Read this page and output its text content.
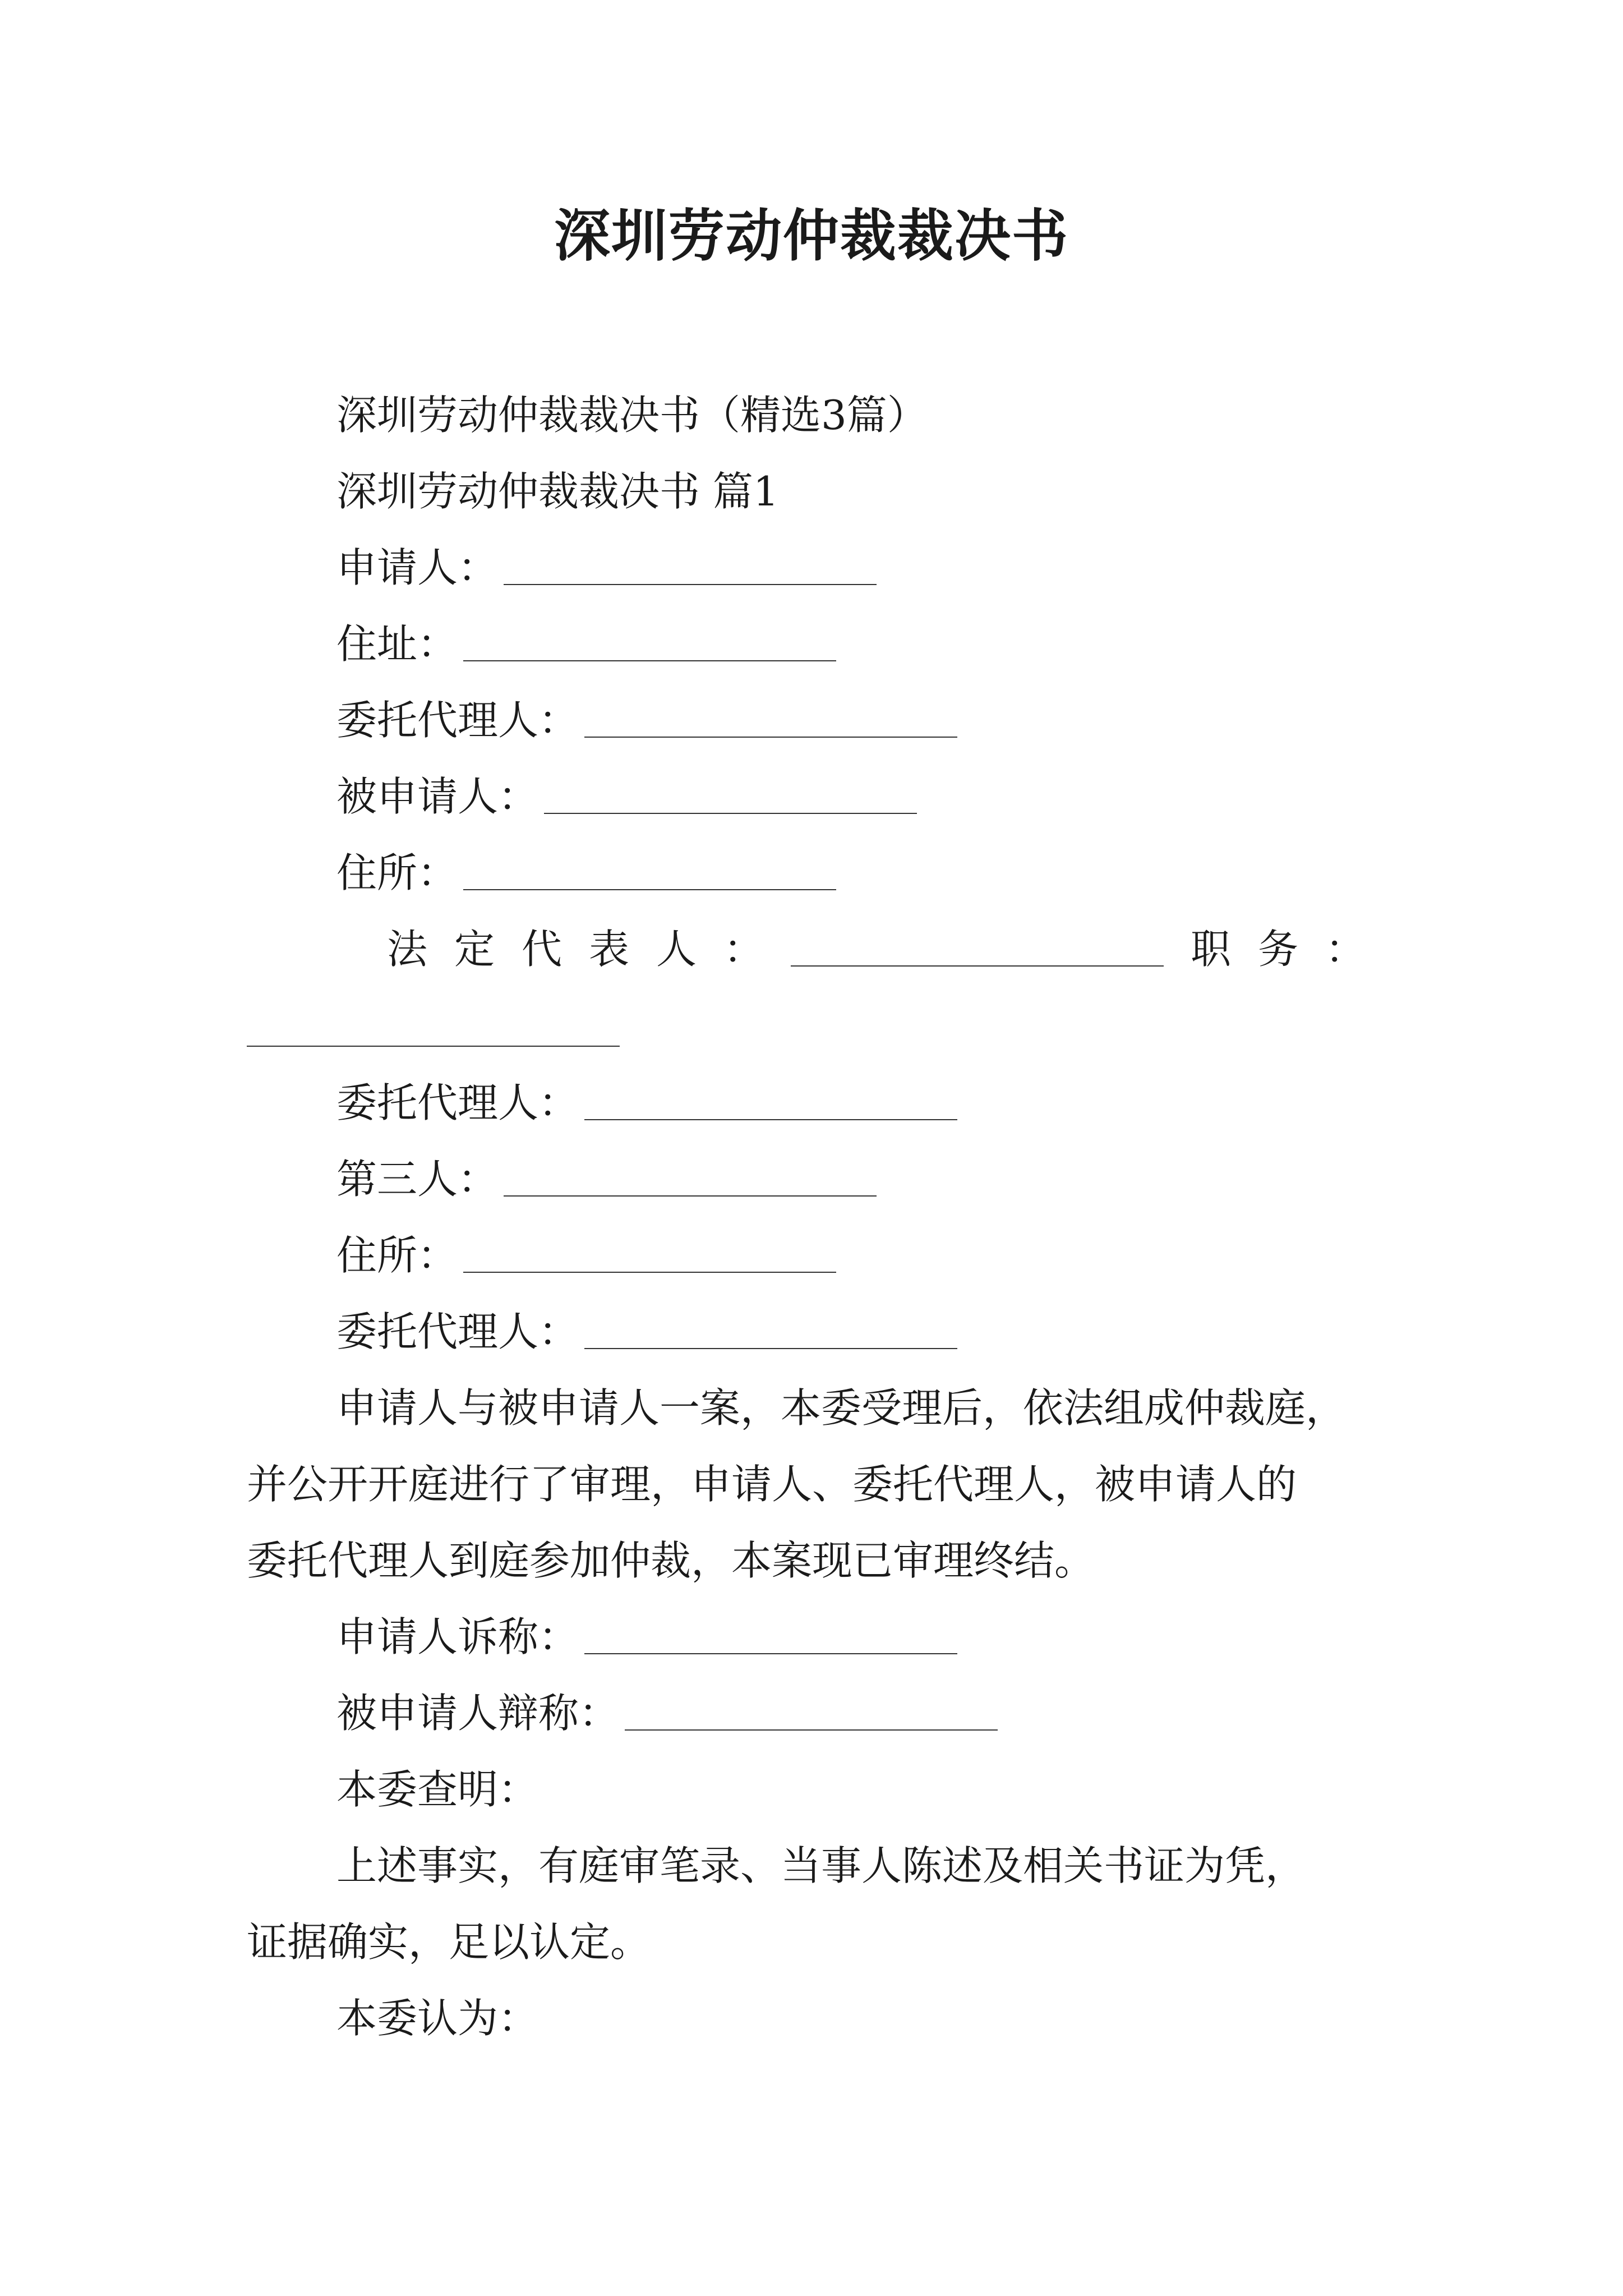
深圳劳动仲裁裁决书
深圳劳动仲裁裁决书（精选3篇）
深圳劳动仲裁裁决书 篇1
申请人：
住址：
委托代理人：
被申请人：
住所：
法定代表人：	职务：
委托代理人：
第三人：
住所：
委托代理人：
申请人与被申请人一案，本委受理后，依法组成仲裁庭，
并公开开庭进行了审理，申请人、委托代理人，被申请人的
委托代理人到庭参加仲裁，本案现已审理终结。
申请人诉称：
被申请人辩称：
本委查明：
上述事实，有庭审笔录、当事人陈述及相关书证为凭，
证据确实，足以认定。
本委认为：
